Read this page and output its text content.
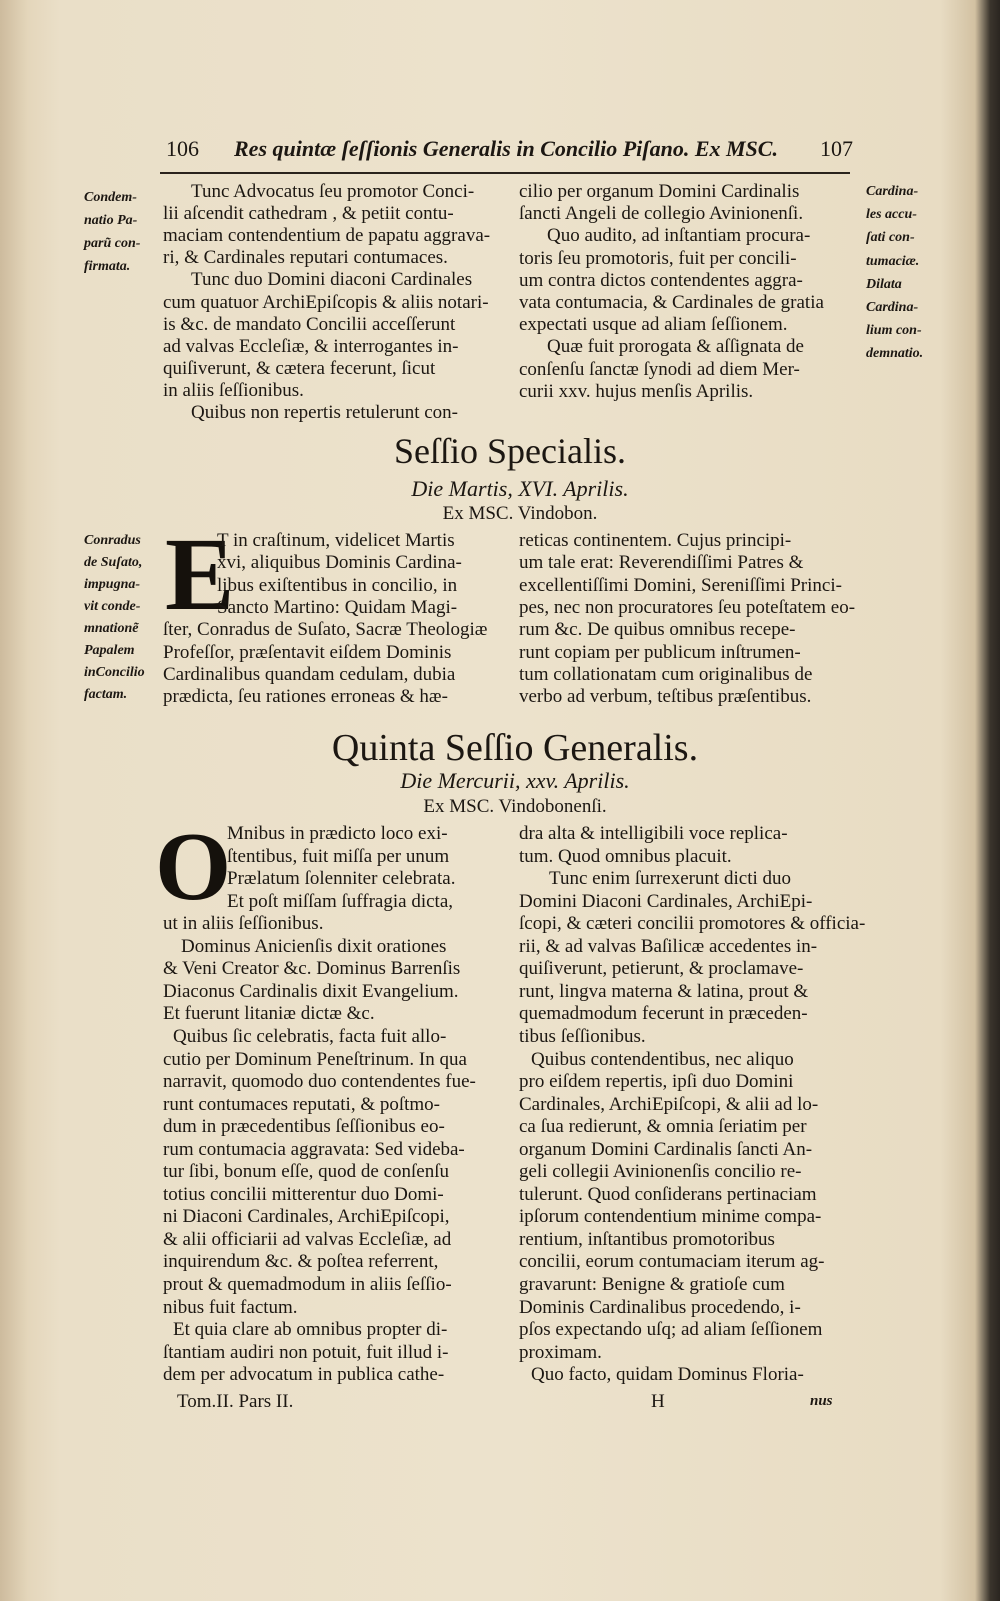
106 Res quintæ ſeſſionis Generalis in Concilio Piſano. Ex MSC. 107
Condem-
natio Pa-
parũ con-
firmata.
Tunc Advocatus ſeu promotor Conci-
lii aſcendit cathedram , & petiit contu-
maciam contendentium de papatu aggrava-
ri, & Cardinales reputari contumaces.
Tunc duo Domini diaconi Cardinales
cum quatuor ArchiEpiſcopis & aliis notari-
is &c. de mandato Concilii acceſſerunt
ad valvas Eccleſiæ, & interrogantes in-
quiſiverunt, & cætera fecerunt, ſicut
in aliis ſeſſionibus.
Quibus non repertis retulerunt con-
cilio per organum Domini Cardinalis
ſancti Angeli de collegio Avinionenſi.
Quo audito, ad inſtantiam procura-
toris ſeu promotoris, fuit per concili-
um contra dictos contendentes aggra-
vata contumacia, & Cardinales de gratia
expectati usque ad aliam ſeſſionem.
Quæ fuit prorogata & aſſignata de
conſenſu ſanctæ ſynodi ad diem Mer-
curii xxv. hujus menſis Aprilis.
Cardina-
les accu-
ſati con-
tumaciæ.
Dilata
Cardina-
lium con-
demnatio.
Seſſio Specialis.
Die Martis, XVI. Aprilis.
Ex MSC. Vindobon.
Conradus
de Suſato,
impugna-
vit conde-
mnationẽ
Papalem
inConcilio
factam.
E
T in craſtinum, videlicet Martis
xvi, aliquibus Dominis Cardina-
libus exiſtentibus in concilio, in
Sancto Martino: Quidam Magi-
ſter, Conradus de Suſato, Sacræ Theologiæ
Profeſſor, præſentavit eiſdem Dominis
Cardinalibus quandam cedulam, dubia
prædicta, ſeu rationes erroneas & hæ-
reticas continentem. Cujus principi-
um tale erat: Reverendiſſimi Patres &
excellentiſſimi Domini, Sereniſſimi Princi-
pes, nec non procuratores ſeu poteſtatem eo-
rum &c. De quibus omnibus recepe-
runt copiam per publicum inſtrumen-
tum collationatam cum originalibus de
verbo ad verbum, teſtibus præſentibus.
Quinta Seſſio Generalis.
Die Mercurii, xxv. Aprilis.
Ex MSC. Vindobonenſi.
O
Mnibus in prædicto loco exi-
ſtentibus, fuit miſſa per unum
Prælatum ſolenniter celebrata.
Et poſt miſſam ſuffragia dicta,
ut in aliis ſeſſionibus.
Dominus Anicienſis dixit orationes
& Veni Creator &c. Dominus Barrenſis
Diaconus Cardinalis dixit Evangelium.
Et fuerunt litaniæ dictæ &c.
Quibus ſic celebratis, facta fuit allo-
cutio per Dominum Peneſtrinum. In qua
narravit, quomodo duo contendentes fue-
runt contumaces reputati, & poſtmo-
dum in præcedentibus ſeſſionibus eo-
rum contumacia aggravata: Sed videba-
tur ſibi, bonum eſſe, quod de conſenſu
totius concilii mitterentur duo Domi-
ni Diaconi Cardinales, ArchiEpiſcopi,
& alii officiarii ad valvas Eccleſiæ, ad
inquirendum &c. & poſtea referrent,
prout & quemadmodum in aliis ſeſſio-
nibus fuit factum.
Et quia clare ab omnibus propter di-
ſtantiam audiri non potuit, fuit illud i-
dem per advocatum in publica cathe-
dra alta & intelligibili voce replica-
tum. Quod omnibus placuit.
Tunc enim ſurrexerunt dicti duo
Domini Diaconi Cardinales, ArchiEpi-
ſcopi, & cæteri concilii promotores & officia-
rii, & ad valvas Baſilicæ accedentes in-
quiſiverunt, petierunt, & proclamave-
runt, lingva materna & latina, prout &
quemadmodum fecerunt in præceden-
tibus ſeſſionibus.
Quibus contendentibus, nec aliquo
pro eiſdem repertis, ipſi duo Domini
Cardinales, ArchiEpiſcopi, & alii ad lo-
ca ſua redierunt, & omnia ſeriatim per
organum Domini Cardinalis ſancti An-
geli collegii Avinionenſis concilio re-
tulerunt. Quod conſiderans pertinaciam
ipſorum contendentium minime compa-
rentium, inſtantibus promotoribus
concilii, eorum contumaciam iterum ag-
gravarunt: Benigne & gratioſe cum
Dominis Cardinalibus procedendo, i-
pſos expectando uſq; ad aliam ſeſſionem
proximam.
Quo facto, quidam Dominus Floria-
Tom.II. Pars II.	H	nus
